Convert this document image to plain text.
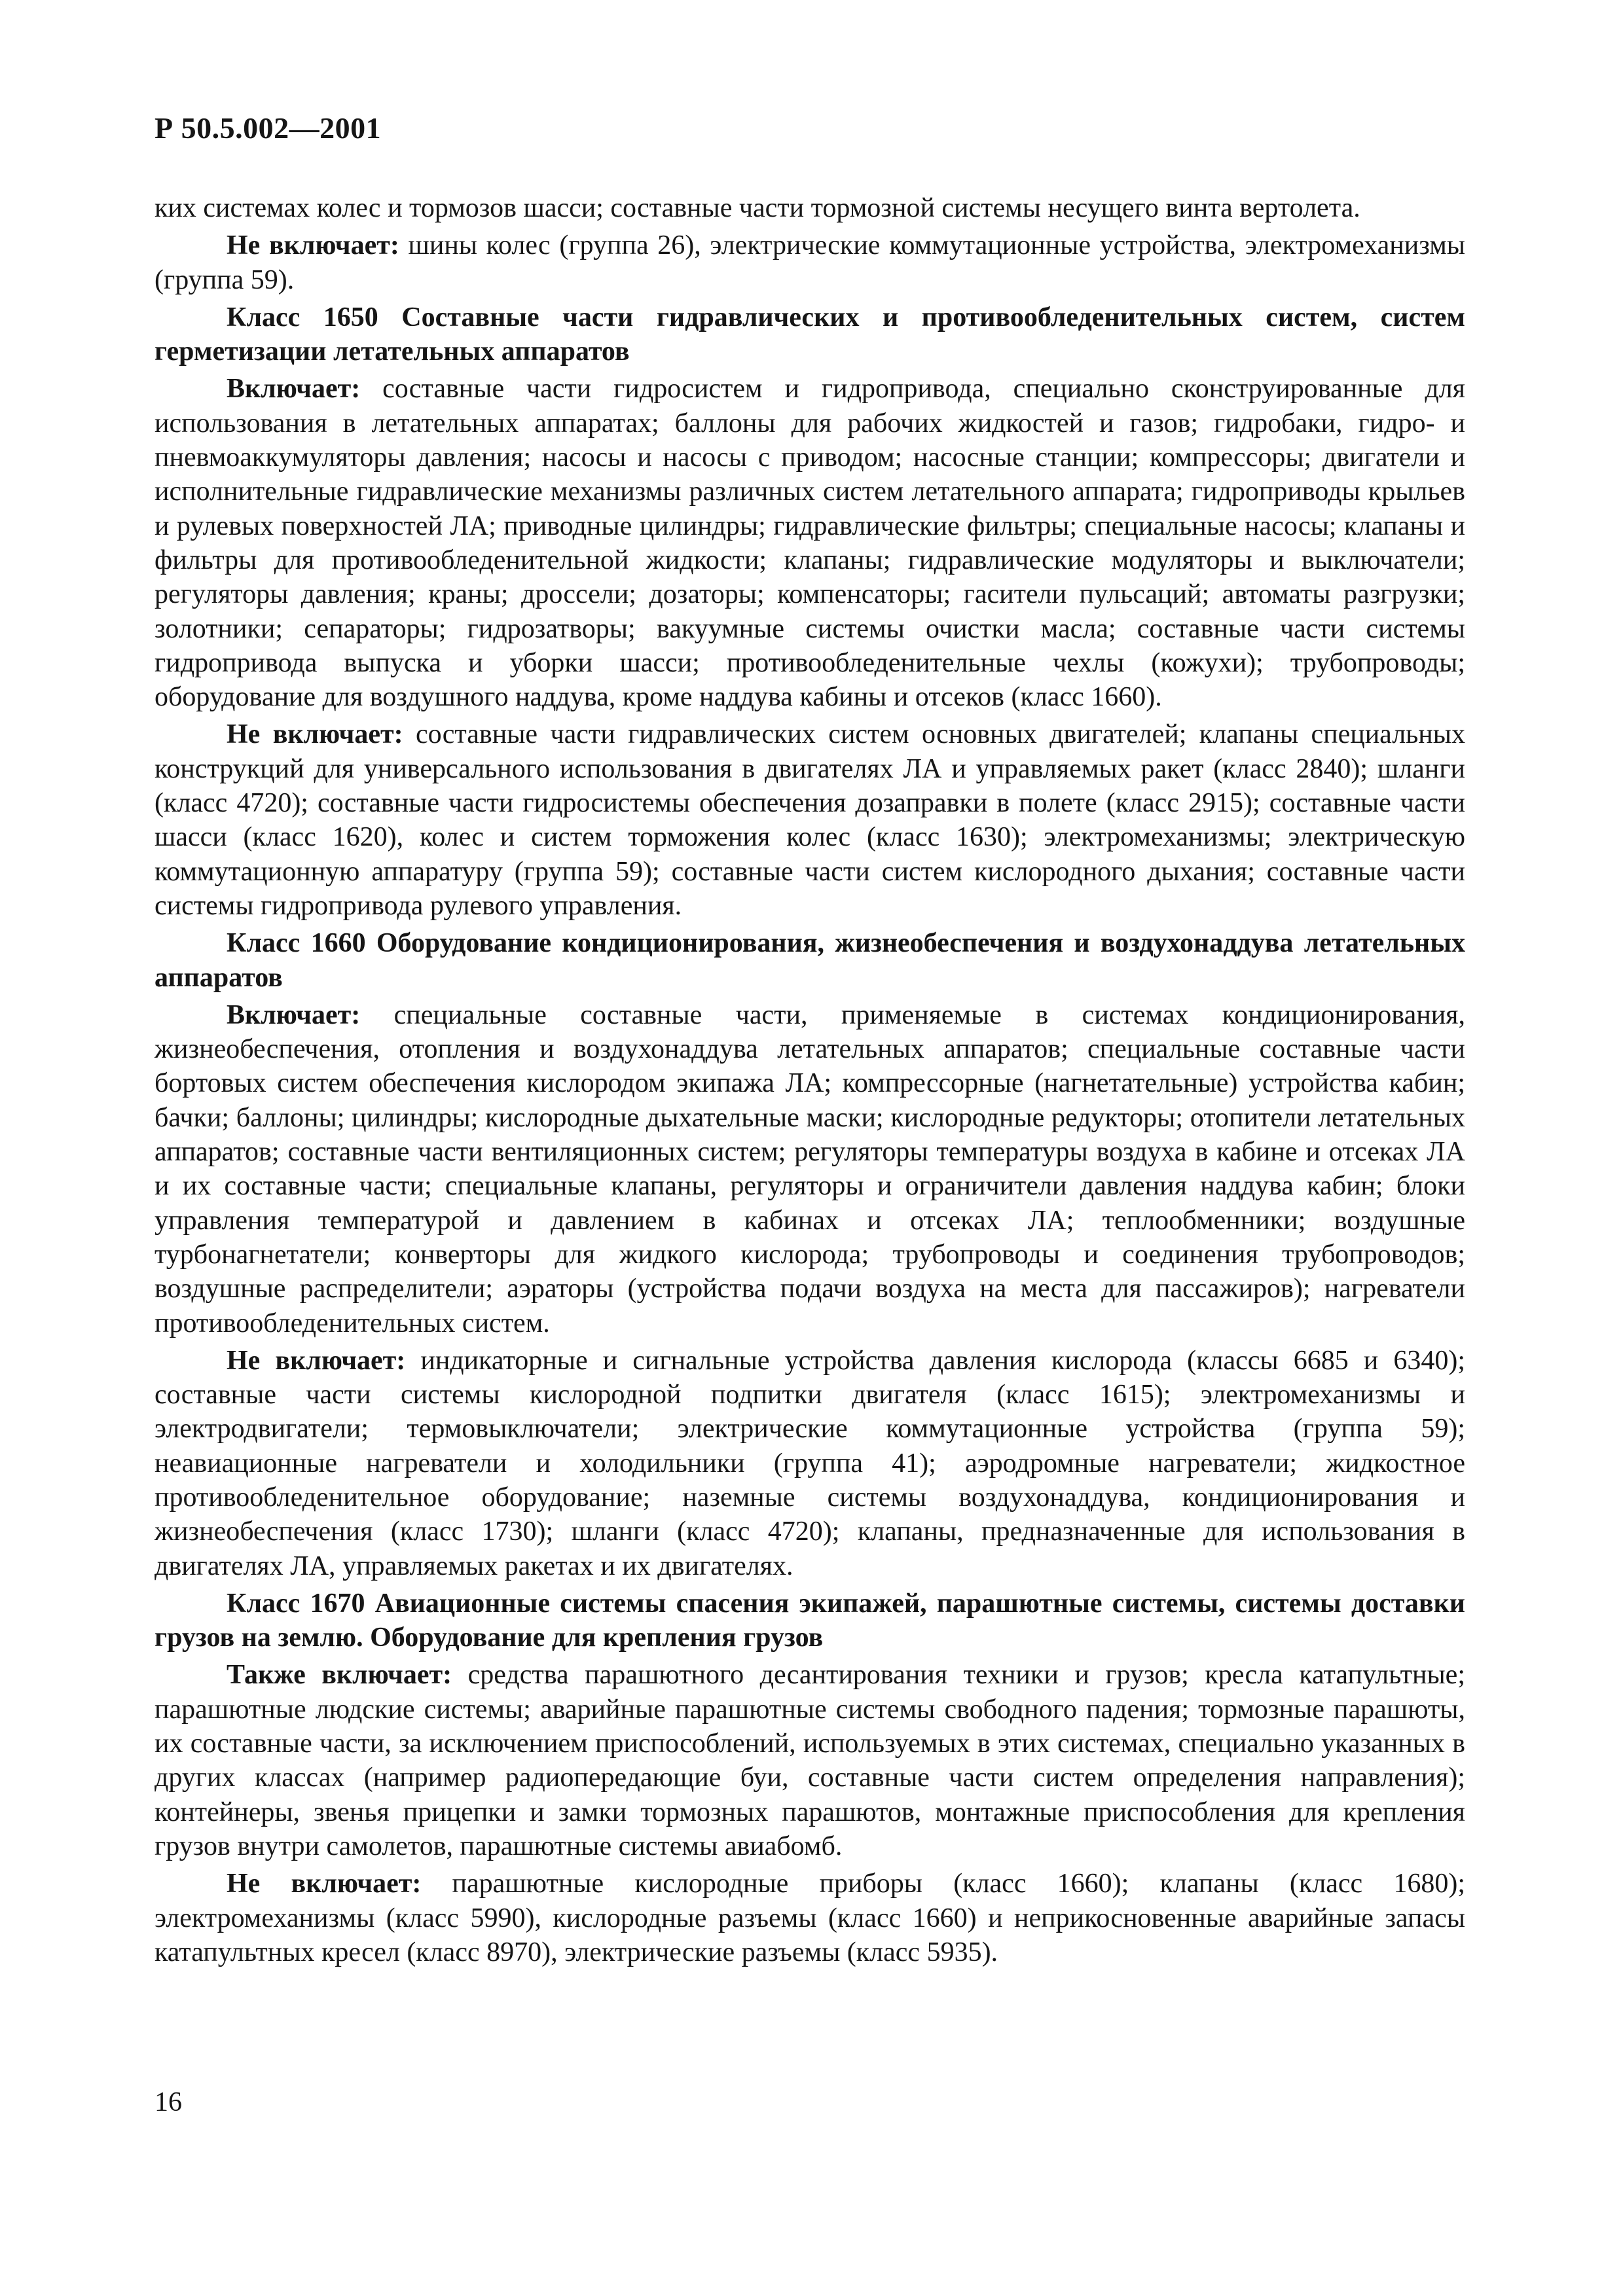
Р 50.5.002—2001

ких системах колес и тормозов шасси; составные части тормозной системы несущего винта вертолета.

Не включает: шины колес (группа 26), электрические коммутационные устройства, электромеханизмы (группа 59).

Класс 1650 Составные части гидравлических и противообледенительных систем, систем герметизации летательных аппаратов

Включает: составные части гидросистем и гидропривода, специально сконструированные для использования в летательных аппаратах; баллоны для рабочих жидкостей и газов; гидробаки, гидро- и пневмоаккумуляторы давления; насосы и насосы с приводом; насосные станции; компрессоры; двигатели и исполнительные гидравлические механизмы различных систем летательного аппарата; гидроприводы крыльев и рулевых поверхностей ЛА; приводные цилиндры; гидравлические фильтры; специальные насосы; клапаны и фильтры для противообледенительной жидкости; клапаны; гидравлические модуляторы и выключатели; регуляторы давления; краны; дроссели; дозаторы; компенсаторы; гасители пульсаций; автоматы разгрузки; золотники; сепараторы; гидрозатворы; вакуумные системы очистки масла; составные части системы гидропривода выпуска и уборки шасси; противообледенительные чехлы (кожухи); трубопроводы; оборудование для воздушного наддува, кроме наддува кабины и отсеков (класс 1660).

Не включает: составные части гидравлических систем основных двигателей; клапаны специальных конструкций для универсального использования в двигателях ЛА и управляемых ракет (класс 2840); шланги (класс 4720); составные части гидросистемы обеспечения дозаправки в полете (класс 2915); составные части шасси (класс 1620), колес и систем торможения колес (класс 1630); электромеханизмы; электрическую коммутационную аппаратуру (группа 59); составные части систем кислородного дыхания; составные части системы гидропривода рулевого управления.

Класс 1660 Оборудование кондиционирования, жизнеобеспечения и воздухонаддува летательных аппаратов

Включает: специальные составные части, применяемые в системах кондиционирования, жизнеобеспечения, отопления и воздухонаддува летательных аппаратов; специальные составные части бортовых систем обеспечения кислородом экипажа ЛА; компрессорные (нагнетательные) устройства кабин; бачки; баллоны; цилиндры; кислородные дыхательные маски; кислородные редукторы; отопители летательных аппаратов; составные части вентиляционных систем; регуляторы температуры воздуха в кабине и отсеках ЛА и их составные части; специальные клапаны, регуляторы и ограничители давления наддува кабин; блоки управления температурой и давлением в кабинах и отсеках ЛА; теплообменники; воздушные турбонагнетатели; конверторы для жидкого кислорода; трубопроводы и соединения трубопроводов; воздушные распределители; аэраторы (устройства подачи воздуха на места для пассажиров); нагреватели противообледенительных систем.

Не включает: индикаторные и сигнальные устройства давления кислорода (классы 6685 и 6340); составные части системы кислородной подпитки двигателя (класс 1615); электромеханизмы и электродвигатели; термовыключатели; электрические коммутационные устройства (группа 59); неавиационные нагреватели и холодильники (группа 41); аэродромные нагреватели; жидкостное противообледенительное оборудование; наземные системы воздухонаддува, кондиционирования и жизнеобеспечения (класс 1730); шланги (класс 4720); клапаны, предназначенные для использования в двигателях ЛА, управляемых ракетах и их двигателях.

Класс 1670 Авиационные системы спасения экипажей, парашютные системы, системы доставки грузов на землю. Оборудование для крепления грузов

Также включает: средства парашютного десантирования техники и грузов; кресла катапультные; парашютные людские системы; аварийные парашютные системы свободного падения; тормозные парашюты, их составные части, за исключением приспособлений, используемых в этих системах, специально указанных в других классах (например радиопередающие буи, составные части систем определения направления); контейнеры, звенья прицепки и замки тормозных парашютов, монтажные приспособления для крепления грузов внутри самолетов, парашютные системы авиабомб.

Не включает: парашютные кислородные приборы (класс 1660); клапаны (класс 1680); электромеханизмы (класс 5990), кислородные разъемы (класс 1660) и неприкосновенные аварийные запасы катапультных кресел (класс 8970), электрические разъемы (класс 5935).

16
